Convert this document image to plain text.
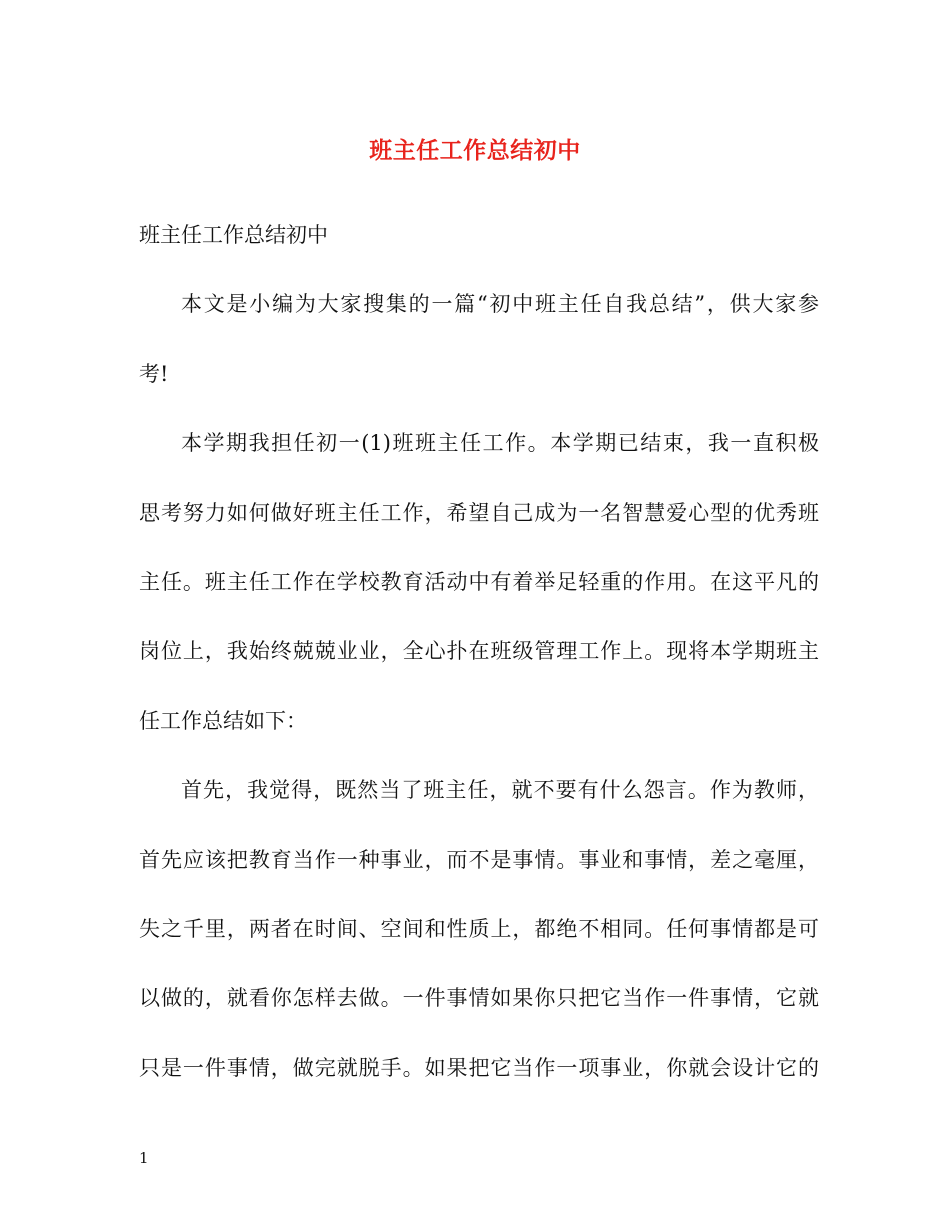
班主任工作总结初中
班主任工作总结初中
本文是小编为大家搜集的一篇“初中班主任自我总结”，供大家参
考!
本学期我担任初一(1)班班主任工作。本学期已结束，我一直积极
思考努力如何做好班主任工作，希望自己成为一名智慧爱心型的优秀班
主任。班主任工作在学校教育活动中有着举足轻重的作用。在这平凡的
岗位上，我始终兢兢业业，全心扑在班级管理工作上。现将本学期班主
任工作总结如下：
首先，我觉得，既然当了班主任，就不要有什么怨言。作为教师，
首先应该把教育当作一种事业，而不是事情。事业和事情，差之毫厘，
失之千里，两者在时间、空间和性质上，都绝不相同。任何事情都是可
以做的，就看你怎样去做。一件事情如果你只把它当作一件事情，它就
只是一件事情，做完就脱手。如果把它当作一项事业，你就会设计它的
1
